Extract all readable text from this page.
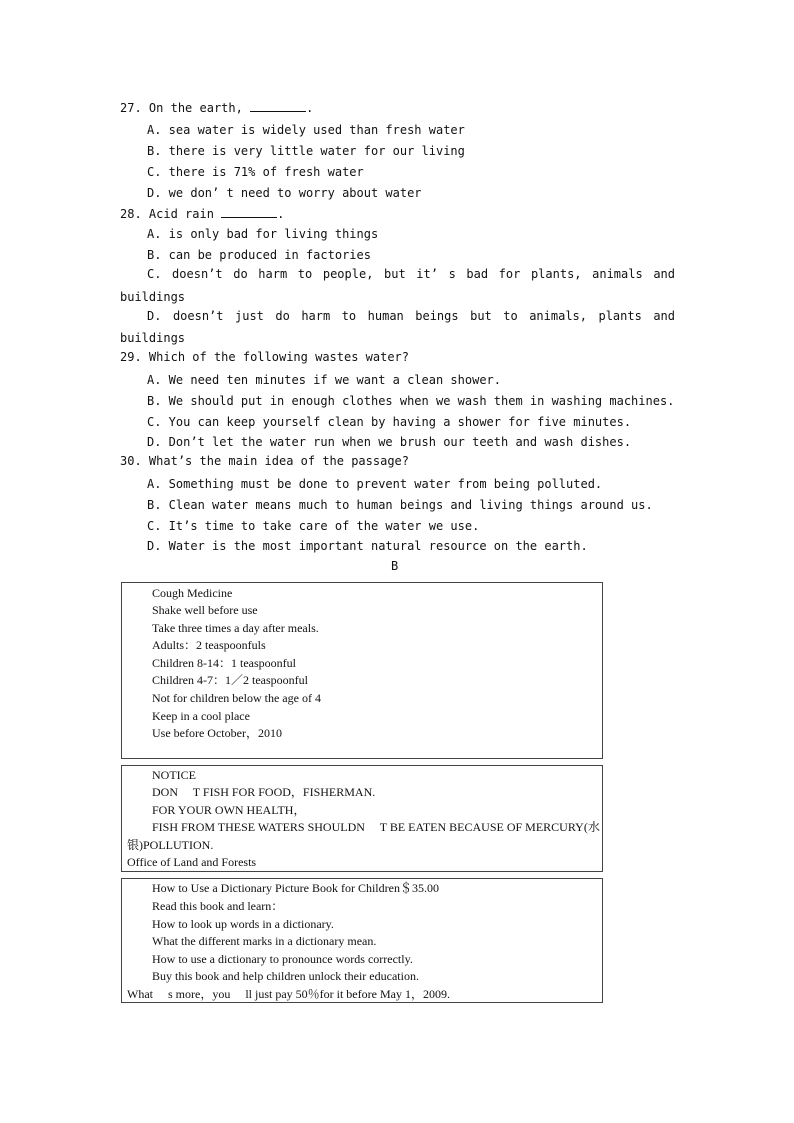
27. On the earth,	.
A. sea water is widely used than fresh water
B. there is very little water for our living
C. there is 71% of fresh water
D. we don’ t need to worry about water
28. Acid rain	.
A. is only bad for living things
B. can be produced in factories
C. doesn’t do harm to people, but it’ s bad for plants, animals and
buildings
D. doesn’t just do harm to human beings but to animals, plants and
buildings
29. Which of the following wastes water?
A. We need ten minutes if we want a clean shower.
B. We should put in enough clothes when we wash them in washing machines.
C. You can keep yourself clean by having a shower for five minutes.
D. Don’t let the water run when we brush our teeth and wash dishes.
30. What’s the main idea of the passage?
A. Something must be done to prevent water from being polluted.
B. Clean water means much to human beings and living things around us.
C. It’s time to take care of the water we use.
D. Water is the most important natural resource on the earth.
B
Cough Medicine
Shake well before use
Take three times a day after meals.
Adults：2 teaspoonfuls
Children 8-14：1 teaspoonful
Children 4-7：1／2 teaspoonful
Not for children below the age of 4
Keep in a cool place
Use before October，2010
NOTICE
DON     T FISH FOR FOOD，FISHERMAN.
FOR YOUR OWN HEALTH，
FISH FROM THESE WATERS SHOULDN     T BE EATEN BECAUSE OF MERCURY(水
银)POLLUTION.
Office of Land and Forests
How to Use a Dictionary Picture Book for Children＄35.00
Read this book and learn：
How to look up words in a dictionary.
What the different marks in a dictionary mean.
How to use a dictionary to pronounce words correctly.
Buy this book and help children unlock their education.
What     s more，you     ll just pay 50％for it before May 1，2009.
